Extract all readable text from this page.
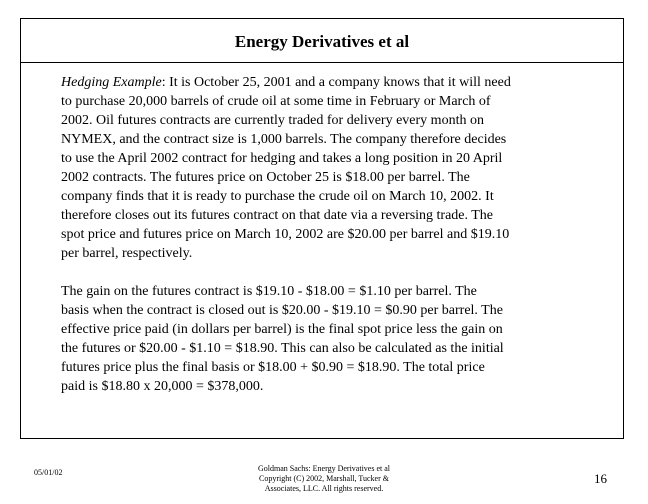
Energy Derivatives et al

Hedging Example: It is October 25, 2001 and a company knows that it will need
to purchase 20,000 barrels of crude oil at some time in February or March of
2002. Oil futures contracts are currently traded for delivery every month on
NYMEX, and the contract size is 1,000 barrels. The company therefore decides
to use the April 2002 contract for hedging and takes a long position in 20 April
2002 contracts. The futures price on October 25 is $18.00 per barrel. The
company finds that it is ready to purchase the crude oil on March 10, 2002. It
therefore closes out its futures contract on that date via a reversing trade. The
spot price and futures price on March 10, 2002 are $20.00 per barrel and $19.10
per barrel, respectively.

The gain on the futures contract is $19.10 - $18.00 = $1.10 per barrel. The
basis when the contract is closed out is $20.00 - $19.10 = $0.90 per barrel. The
effective price paid (in dollars per barrel) is the final spot price less the gain on
the futures or $20.00 - $1.10 = $18.90. This can also be calculated as the initial
futures price plus the final basis or $18.00 + $0.90 = $18.90. The total price
paid is $18.80 x 20,000 = $378,000.

05/01/02	Goldman Sachs: Energy Derivatives et al
Copyright (C) 2002, Marshall, Tucker &
Associates, LLC. All rights reserved.
16
